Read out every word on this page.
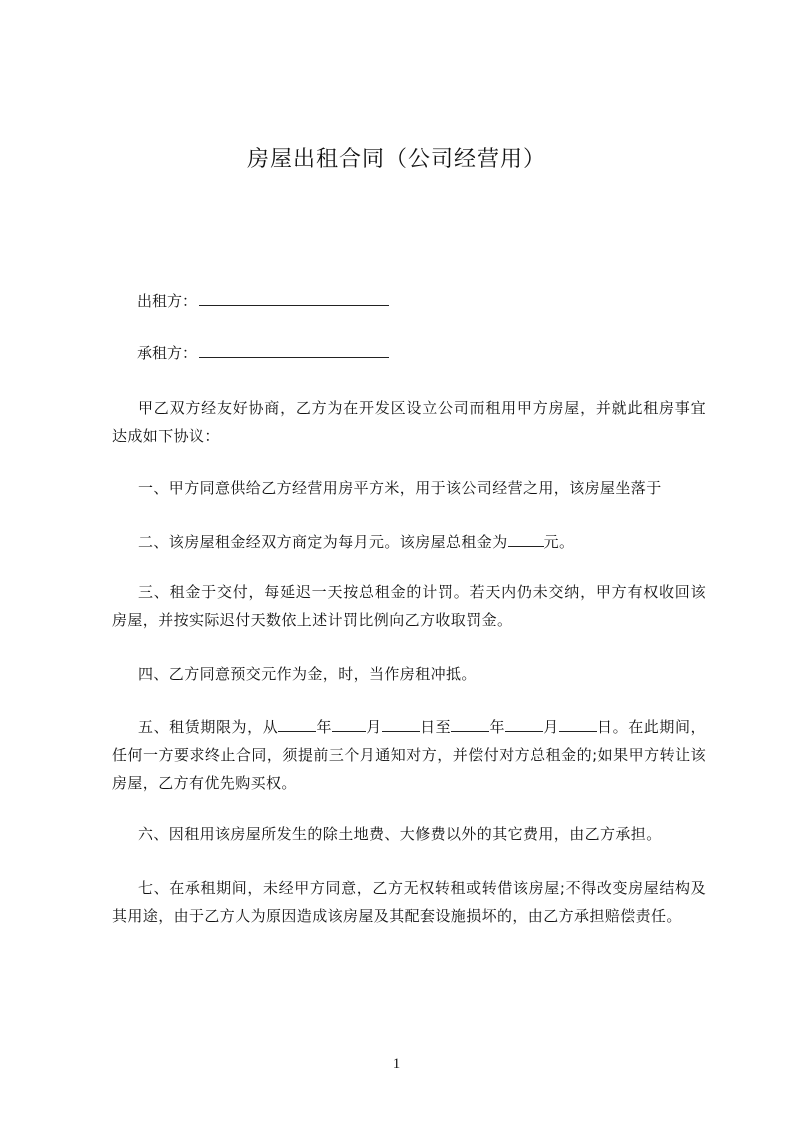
房屋出租合同（公司经营用）
出租方：
承租方：
甲乙双方经友好协商，乙方为在开发区设立公司而租用甲方房屋，并就此租房事宜达成如下协议：
一、甲方同意供给乙方经营用房平方米，用于该公司经营之用，该房屋坐落于
二、该房屋租金经双方商定为每月元。该房屋总租金为 元。
三、租金于交付，每延迟一天按总租金的计罚。若天内仍未交纳，甲方有权收回该房屋，并按实际迟付天数依上述计罚比例向乙方收取罚金。
四、乙方同意预交元作为金，时，当作房租冲抵。
五、租赁期限为，从	年 月	日至	年	月	日。在此期间，任何一方要求终止合同，须提前三个月通知对方，并偿付对方总租金的;如果甲方转让该房屋，乙方有优先购买权。
六、因租用该房屋所发生的除土地费、大修费以外的其它费用，由乙方承担。
七、在承租期间，未经甲方同意，乙方无权转租或转借该房屋;不得改变房屋结构及其用途，由于乙方人为原因造成该房屋及其配套设施损坏的，由乙方承担赔偿责任。
1
